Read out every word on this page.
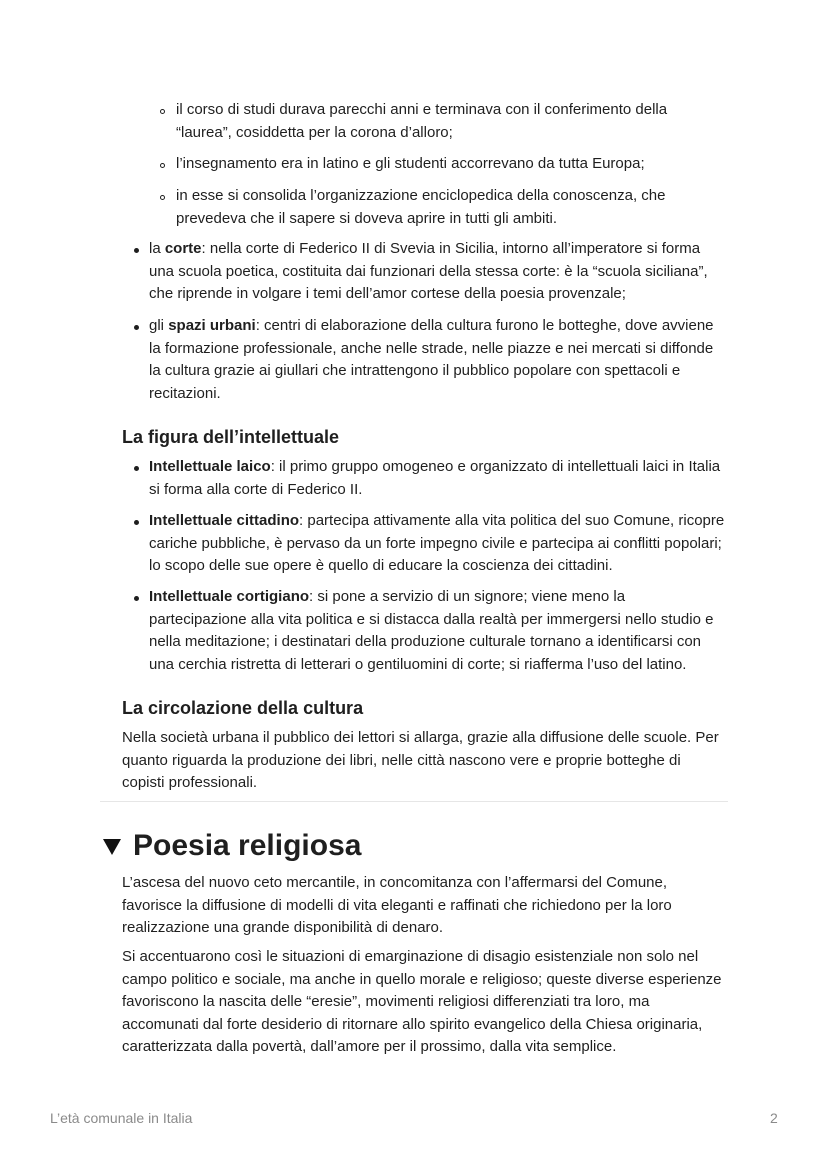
il corso di studi durava parecchi anni e terminava con il conferimento della
“laurea”, cosiddetta per la corona d’alloro;
l’insegnamento era in latino e gli studenti accorrevano da tutta Europa;
in esse si consolida l’organizzazione enciclopedica della conoscenza, che
prevedeva che il sapere si doveva aprire in tutti gli ambiti.
la corte: nella corte di Federico II di Svevia in Sicilia, intorno all’imperatore si forma
una scuola poetica, costituita dai funzionari della stessa corte: è la “scuola siciliana”,
che riprende in volgare i temi dell’amor cortese della poesia provenzale;
gli spazi urbani: centri di elaborazione della cultura furono le botteghe, dove avviene
la formazione professionale, anche nelle strade, nelle piazze e nei mercati si diffonde
la cultura grazie ai giullari che intrattengono il pubblico popolare con spettacoli e
recitazioni.
La figura dell’intellettuale
Intellettuale laico: il primo gruppo omogeneo e organizzato di intellettuali laici in Italia
si forma alla corte di Federico II.
Intellettuale cittadino: partecipa attivamente alla vita politica del suo Comune, ricopre
cariche pubbliche, è pervaso da un forte impegno civile e partecipa ai conflitti popolari;
lo scopo delle sue opere è quello di educare la coscienza dei cittadini.
Intellettuale cortigiano: si pone a servizio di un signore; viene meno la
partecipazione alla vita politica e si distacca dalla realtà per immergersi nello studio e
nella meditazione; i destinatari della produzione culturale tornano a identificarsi con
una cerchia ristretta di letterari o gentiluomini di corte; si riafferma l’uso del latino.
La circolazione della cultura
Nella società urbana il pubblico dei lettori si allarga, grazie alla diffusione delle scuole. Per
quanto riguarda la produzione dei libri, nelle città nascono vere e proprie botteghe di
copisti professionali.
Poesia religiosa
L’ascesa del nuovo ceto mercantile, in concomitanza con l’affermarsi del Comune,
favorisce la diffusione di modelli di vita eleganti e raffinati che richiedono per la loro
realizzazione una grande disponibilità di denaro.
Si accentuarono così le situazioni di emarginazione di disagio esistenziale non solo nel
campo politico e sociale, ma anche in quello morale e religioso; queste diverse esperienze
favoriscono la nascita delle “eresie”, movimenti religiosi differenziati tra loro, ma
accomunati dal forte desiderio di ritornare allo spirito evangelico della Chiesa originaria,
caratterizzata dalla povertà, dall’amore per il prossimo, dalla vita semplice.
L’età comunale in Italia	2
